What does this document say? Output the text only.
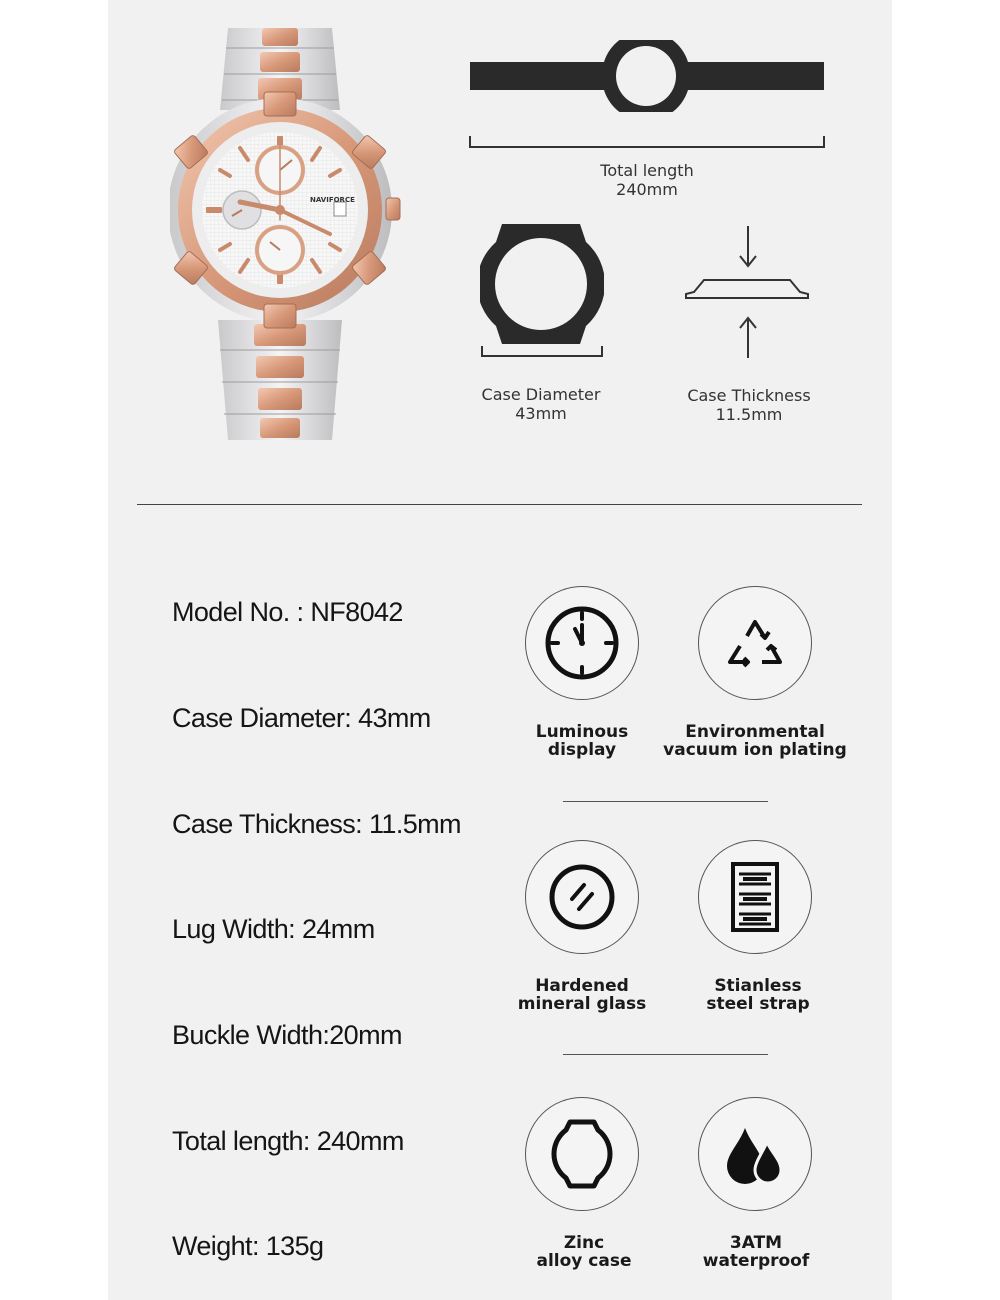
NAVIFORCE
Total length
240mm
Case Diameter
43mm
Case Thickness
11.5mm
Model No. : NF8042
Case Diameter: 43mm
Case Thickness: 11.5mm
Lug Width: 24mm
Buckle Width:20mm
Total length: 240mm
Weight: 135g
Luminous
display
Environmental
vacuum ion plating
Hardened
mineral glass
Stianless
steel strap
Zinc
alloy case
3ATM
waterproof
